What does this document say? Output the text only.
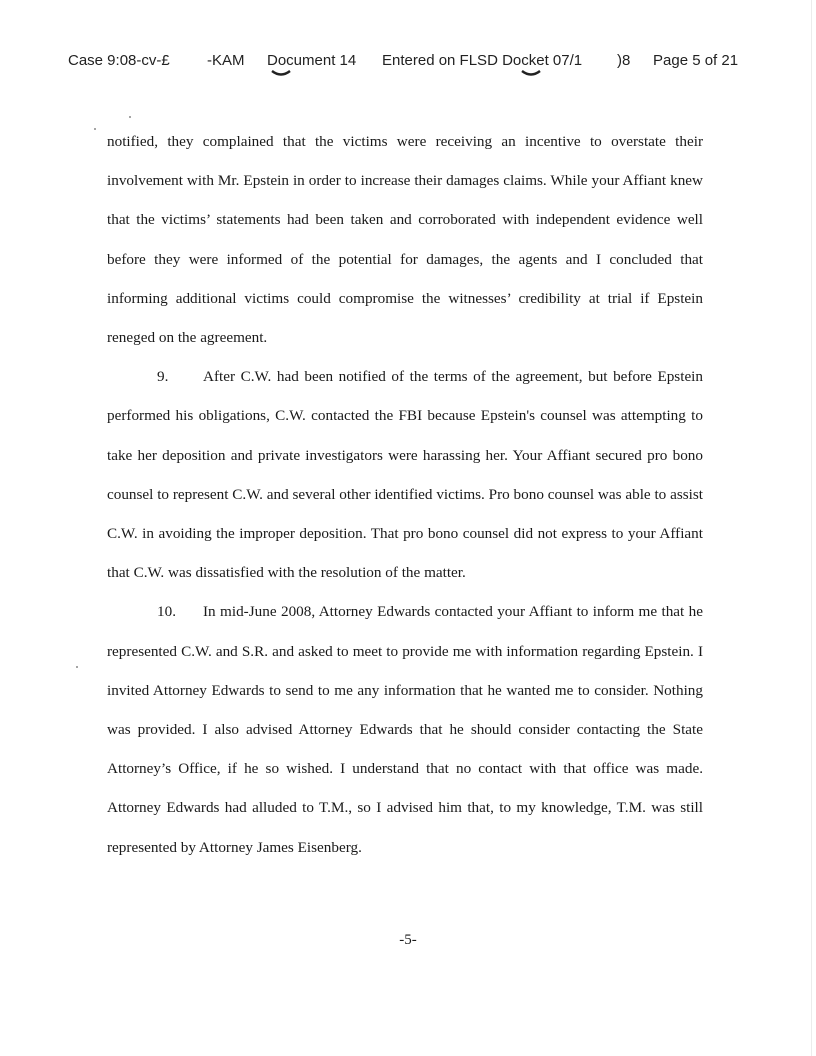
Case 9:08-cv-£ -KAM Document 14 Entered on FLSD Docket 07/1 )8 Page 5 of 21

notified, they complained that the victims were receiving an incentive to overstate their involvement with Mr. Epstein in order to increase their damages claims. While your Affiant knew that the victims’ statements had been taken and corroborated with independent evidence well before they were informed of the potential for damages, the agents and I concluded that informing additional victims could compromise the witnesses’ credibility at trial if Epstein reneged on the agreement.

9. After C.W. had been notified of the terms of the agreement, but before Epstein performed his obligations, C.W. contacted the FBI because Epstein's counsel was attempting to take her deposition and private investigators were harassing her. Your Affiant secured pro bono counsel to represent C.W. and several other identified victims. Pro bono counsel was able to assist C.W. in avoiding the improper deposition. That pro bono counsel did not express to your Affiant that C.W. was dissatisfied with the resolution of the matter.

10. In mid-June 2008, Attorney Edwards contacted your Affiant to inform me that he represented C.W. and S.R. and asked to meet to provide me with information regarding Epstein. I invited Attorney Edwards to send to me any information that he wanted me to consider. Nothing was provided. I also advised Attorney Edwards that he should consider contacting the State Attorney’s Office, if he so wished. I understand that no contact with that office was made. Attorney Edwards had alluded to T.M., so I advised him that, to my knowledge, T.M. was still represented by Attorney James Eisenberg.

-5-
